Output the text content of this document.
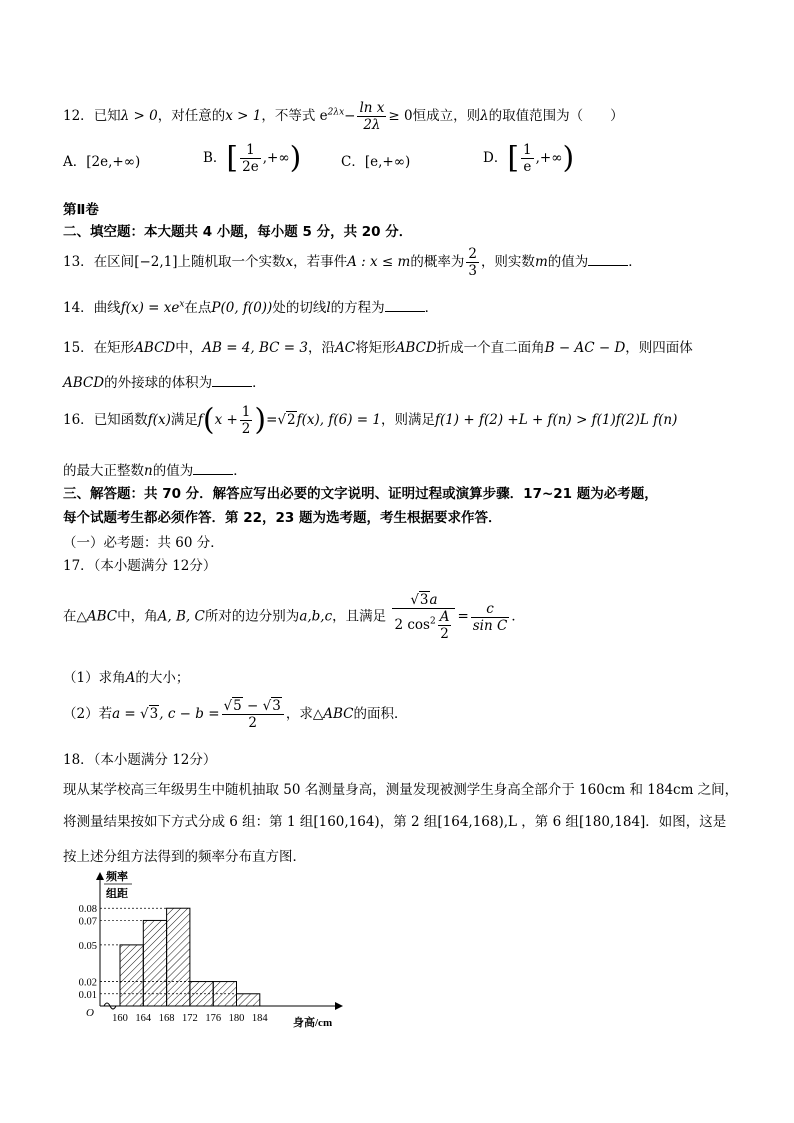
12．已知λ > 0，对任意的x > 1，不等式 $e^{2\lambda x}- \frac{\text{ln x}}{2\lambda} \ge 0$恒成立，则λ的取值范围为（　　）
A．[2e,+∞)	B．[ $\frac{1}{2e}$ ,+∞)	C．[e,+∞)	D．[ $\frac{1}{e}$ ,+∞)
第Ⅱ卷
二、填空题：本大题共 4 小题，每小题 5 分，共 20 分．
13．在区间[−2,1]上随机取一个实数x，若事件A : x ≤ m的概率为 $\frac{2}{3}$ ，则实数m的值为	．
14．曲线$f(x) = xe^x$在点P(0, f(0))处的切线l的方程为	．
15．在矩形ABCD中，AB = 4, BC = 3，沿AC将矩形ABCD折成一个直二面角B − AC − D，则四面体
ABCD的外接球的体积为	．
16．已知函数f(x)满足$f(x + \frac{1}{2} )=√2f(x)$, f(6) = 1，则满足f(1) + f(2) +L + f(n) > f(1)f(2)L f(n)
的最大正整数n的值为	．
三、解答题：共 70 分．解答应写出必要的文字说明、证明过程或演算步骤．17~21 题为必考题，
每个试题考生都必须作答．第 22，23 题为选考题，考生根据要求作答．
（一）必考题：共 60 分．
17．（本小题满分 12分）
在△ABC中，角A, B, C所对的边分别为a,b,c，且满足 $\frac{√3a}{2 \cos^2 \frac{A}{2}} = \frac{c}{\text{sin C}}$ ．
（1）求角A的大小；
（2）若a = √3, $c - b = \frac{√5 - √3}{2}$ ，求△ABC的面积．
18．（本小题满分 12分）
现从某学校高三年级男生中随机抽取 50 名测量身高，测量发现被测学生身高全部介于 160cm 和 184cm 之间，
将测量结果按如下方式分成 6 组：第 1 组[160,164)，第 2 组[164,168),L ，第 6 组[180,184]．如图，这是
按上述分组方法得到的频率分布直方图．
0.08
0.07
0.05
0.02
0.01
160 164 168 172 176 180 184
O
频率
组距
身高/cm
